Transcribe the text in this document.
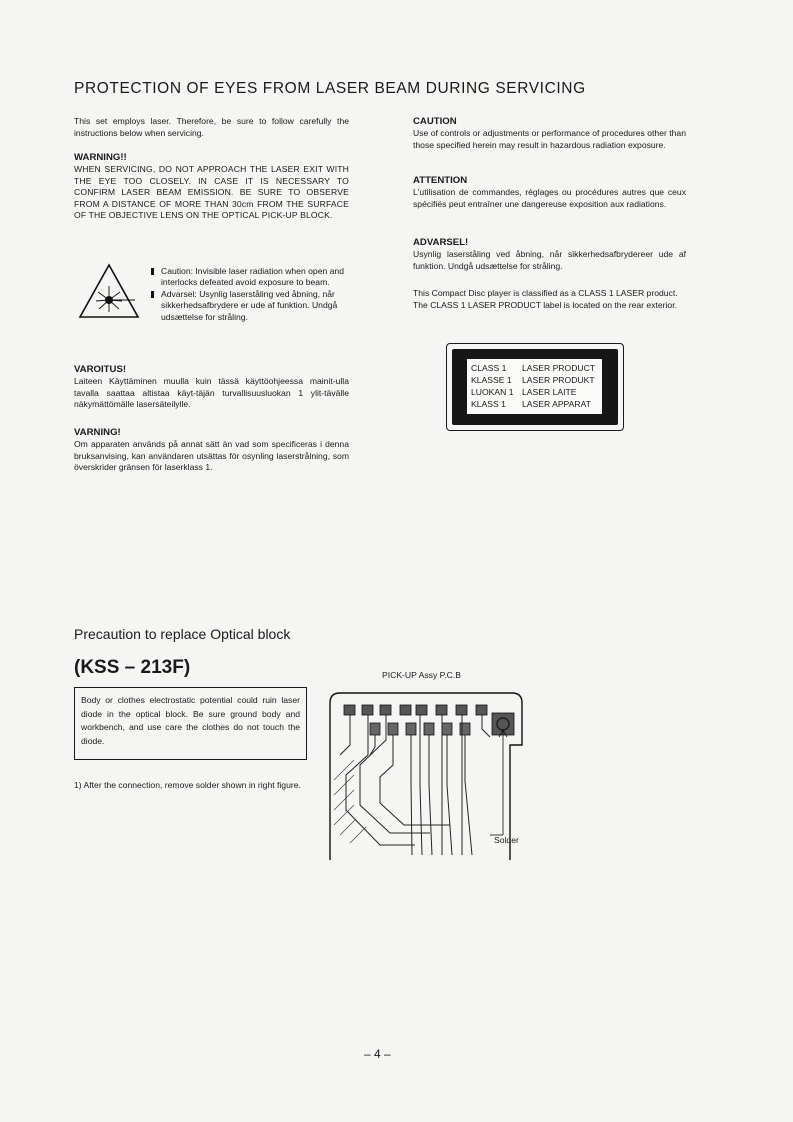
PROTECTION OF EYES FROM LASER BEAM DURING SERVICING

This set employs laser. Therefore, be sure to follow carefully the instructions below when servicing.

WARNING!!

WHEN SERVICING, DO NOT APPROACH THE LASER EXIT WITH THE EYE TOO CLOSELY. IN CASE IT IS NECESSARY TO CONFIRM LASER BEAM EMISSION. BE SURE TO OBSERVE FROM A DISTANCE OF MORE THAN 30cm FROM THE SURFACE OF THE OBJECTIVE LENS ON THE OPTICAL PICK-UP BLOCK.

Caution: Invisible laser radiation when open and interlocks defeated avoid exposure to beam.
Advarsel: Usynlig laserståling ved åbning, når sikkerhedsafbrydere er ude af funktion. Undgå udsættelse for stråling.

VAROITUS!

Laiteen Käyttäminen muulla kuin tässä käyttöohjeessa mainit-ulla tavalla saattaa altistaa käyt-täjän turvallisuusluokan 1 ylit-tävälle näkymättömälle lasersäteilylle.

VARNING!

Om apparaten används på annat sätt än vad som specificeras i denna bruksanvising, kan användaren utsättas för osynling laserstrålning, som överskrider gränsen för laserklass 1.

CAUTION

Use of controls or adjustments or performance of procedures other than those specified herein may result in hazardous radiation exposure.

ATTENTION

L'utilisation de commandes, réglages ou procédures autres que ceux spécifiés peut entraîner une dangereuse exposition aux radiations.

ADVARSEL!

Usynlig laserståling ved åbning, når sikkerhedsafbrydereer ude af funktion. Undgå udsættelse for stråling.

This Compact Disc player is classified as a CLASS 1 LASER product.

The CLASS 1 LASER PRODUCT label is located on the rear exterior.

CLASS 1	LASER PRODUCT
KLASSE 1	LASER PRODUKT
LUOKAN 1 LASER LAITE
KLASS 1	LASER APPARAT
Precaution to replace Optical block
(KSS – 213F)
Body or clothes electrostatic potential could ruin laser diode in the optical block. Be sure ground body and workbench, and use care the clothes do not touch the diode.
1) After the connection, remove solder shown in right figure.
PICK-UP Assy P.C.B
Solder
– 4 –
